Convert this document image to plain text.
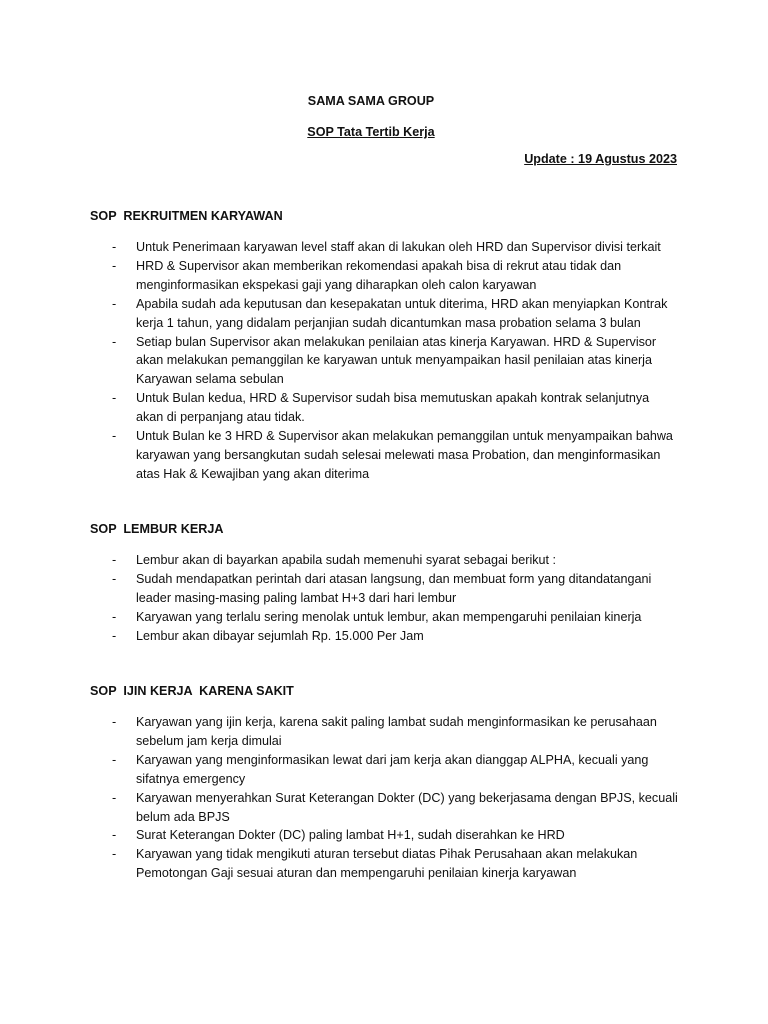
SAMA SAMA GROUP
SOP Tata Tertib Kerja
Update : 19 Agustus 2023
SOP  REKRUITMEN KARYAWAN
- Untuk Penerimaan karyawan level staff akan di lakukan oleh HRD dan Supervisor divisi terkait
- HRD & Supervisor akan memberikan rekomendasi apakah bisa di rekrut atau tidak dan
menginformasikan ekspekasi gaji yang diharapkan oleh calon karyawan
- Apabila sudah ada keputusan dan kesepakatan untuk diterima, HRD akan menyiapkan Kontrak
kerja 1 tahun, yang didalam perjanjian sudah dicantumkan masa probation selama 3 bulan
- Setiap bulan Supervisor akan melakukan penilaian atas kinerja Karyawan. HRD & Supervisor
akan melakukan pemanggilan ke karyawan untuk menyampaikan hasil penilaian atas kinerja
Karyawan selama sebulan
- Untuk Bulan kedua, HRD & Supervisor sudah bisa memutuskan apakah kontrak selanjutnya
akan di perpanjang atau tidak.
- Untuk Bulan ke 3 HRD & Supervisor akan melakukan pemanggilan untuk menyampaikan bahwa
karyawan yang bersangkutan sudah selesai melewati masa Probation, dan menginformasikan
atas Hak & Kewajiban yang akan diterima
SOP  LEMBUR KERJA
- Lembur akan di bayarkan apabila sudah memenuhi syarat sebagai berikut :
- Sudah mendapatkan perintah dari atasan langsung, dan membuat form yang ditandatangani
leader masing-masing paling lambat H+3 dari hari lembur
- Karyawan yang terlalu sering menolak untuk lembur, akan mempengaruhi penilaian kinerja
- Lembur akan dibayar sejumlah Rp. 15.000 Per Jam
SOP  IJIN KERJA  KARENA SAKIT
- Karyawan yang ijin kerja, karena sakit paling lambat sudah menginformasikan ke perusahaan
sebelum jam kerja dimulai
- Karyawan yang menginformasikan lewat dari jam kerja akan dianggap ALPHA, kecuali yang
sifatnya emergency
- Karyawan menyerahkan Surat Keterangan Dokter (DC) yang bekerjasama dengan BPJS, kecuali
belum ada BPJS
- Surat Keterangan Dokter (DC) paling lambat H+1, sudah diserahkan ke HRD
- Karyawan yang tidak mengikuti aturan tersebut diatas Pihak Perusahaan akan melakukan
Pemotongan Gaji sesuai aturan dan mempengaruhi penilaian kinerja karyawan
